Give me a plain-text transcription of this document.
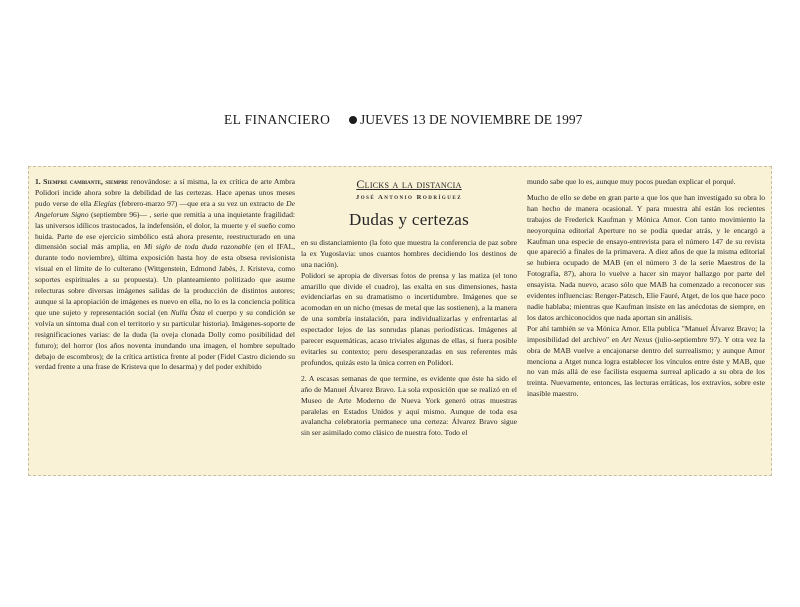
EL FINANCIERO JUEVES 13 DE NOVIEMBRE DE 1997

1. Siempre cambiante, siempre renovándose: a sí misma, la ex crítica de arte Ambra Polidori incide ahora sobre la debilidad de las certezas. Hace apenas unos meses pudo verse de ella Elegías (febrero-marzo 97) —que era a su vez un extracto de De Angelorum Signo (septiembre 96)— , serie que remitía a una inquietante fragilidad: las universos idílicos trastocados, la indefensión, el dolor, la muerte y el sueño como huida. Parte de ese ejercicio simbólico está ahora presente, reestructurado en una dimensión social más amplia, en Mi siglo de toda duda razonable (en el IFAL, durante todo noviembre), última exposición hasta hoy de esta obsesa revisionista visual en el límite de lo culterano (Wittgenstein, Edmond Jabès, J. Kristeva, como soportes espirituales a su propuesta). Un planteamiento politizado que asume relecturas sobre diversas imágenes salidas de la producción de distintos autores; aunque si la apropiación de imágenes es nuevo en ella, no lo es la conciencia política que une sujeto y representación social (en Nulla Ósta el cuerpo y su condición se volvía un síntoma dual con el territorio y su particular historia). Imágenes-soporte de resignificaciones varias: de la duda (la oveja clonada Dolly como posibilidad del futuro); del horror (los años noventa inundando una imagen, el hombre sepultado debajo de escombros); de la crítica artística frente al poder (Fidel Castro diciendo su verdad frente a una frase de Kristeva que lo desarma) y del poder exhibido

Clicks a la distancia
José Antonio Rodríguez
Dudas y certezas

en su distanciamiento (la foto que muestra la conferencia de paz sobre la ex Yugoslavia: unos cuantos hombres decidiendo los destinos de una nación).

Polidori se apropia de diversas fotos de prensa y las matiza (el tono amarillo que divide el cuadro), las exalta en sus dimensiones, hasta evidenciarlas en su dramatismo o incertidumbre. Imágenes que se acomodan en un nicho (mesas de metal que las sostienen), a la manera de una sombría instalación, para individualizarlas y enfrentarlas al espectador lejos de las sonrudas planas periodísticas. Imágenes al parecer esquemáticas, acaso triviales algunas de ellas, si fuera posible evitarles su contexto; pero desesperanzadas en sus referentes más profundos, quizás esto la única corren en Polidori.

2. A escasas semanas de que termine, es evidente que éste ha sido el año de Manuel Álvarez Bravo. La sola exposición que se realizó en el Museo de Arte Moderno de Nueva York generó otras muestras paralelas en Estados Unidos y aquí mismo. Aunque de toda esa avalancha celebratoria permanece una certeza: Álvarez Bravo sigue sin ser asimilado como clásico de nuestra foto. Todo el

mundo sabe que lo es, aunque muy pocos puedan explicar el porqué.

Mucho de ello se debe en gran parte a que los que han investigado su obra lo han hecho de manera ocasional. Y para muestra ahí están los recientes trabajos de Frederick Kaufman y Mónica Amor. Con tanto movimiento la neoyorquina editorial Aperture no se podía quedar atrás, y le encargó a Kaufman una especie de ensayo-entrevista para el número 147 de su revista que apareció a finales de la primavera. A diez años de que la misma editorial se hubiera ocupado de MAB (en el número 3 de la serie Maestros de la Fotografía, 87), ahora lo vuelve a hacer sin mayor hallazgo por parte del ensayista. Nada nuevo, acaso sólo que MAB ha comenzado a reconocer sus evidentes influencias: Renger-Patzsch, Elie Fauré, Atget, de los que hace poco nadie hablaba; mientras que Kaufman insiste en las anécdotas de siempre, en los datos archiconocidos que nada aportan sin análisis.

Por ahí también se va Mónica Amor. Ella publica "Manuel Álvarez Bravo; la imposibilidad del archivo" en Art Nexus (julio-septiembre 97). Y otra vez la obra de MAB vuelve a encajonarse dentro del surrealismo; y aunque Amor menciona a Atget nunca logra establecer los vínculos entre éste y MAB, que no van más allá de ese facilista esquema surreal aplicado a su obra de los treinta. Nuevamente, entonces, las lecturas erráticas, los extravíos, sobre este inasible maestro.
